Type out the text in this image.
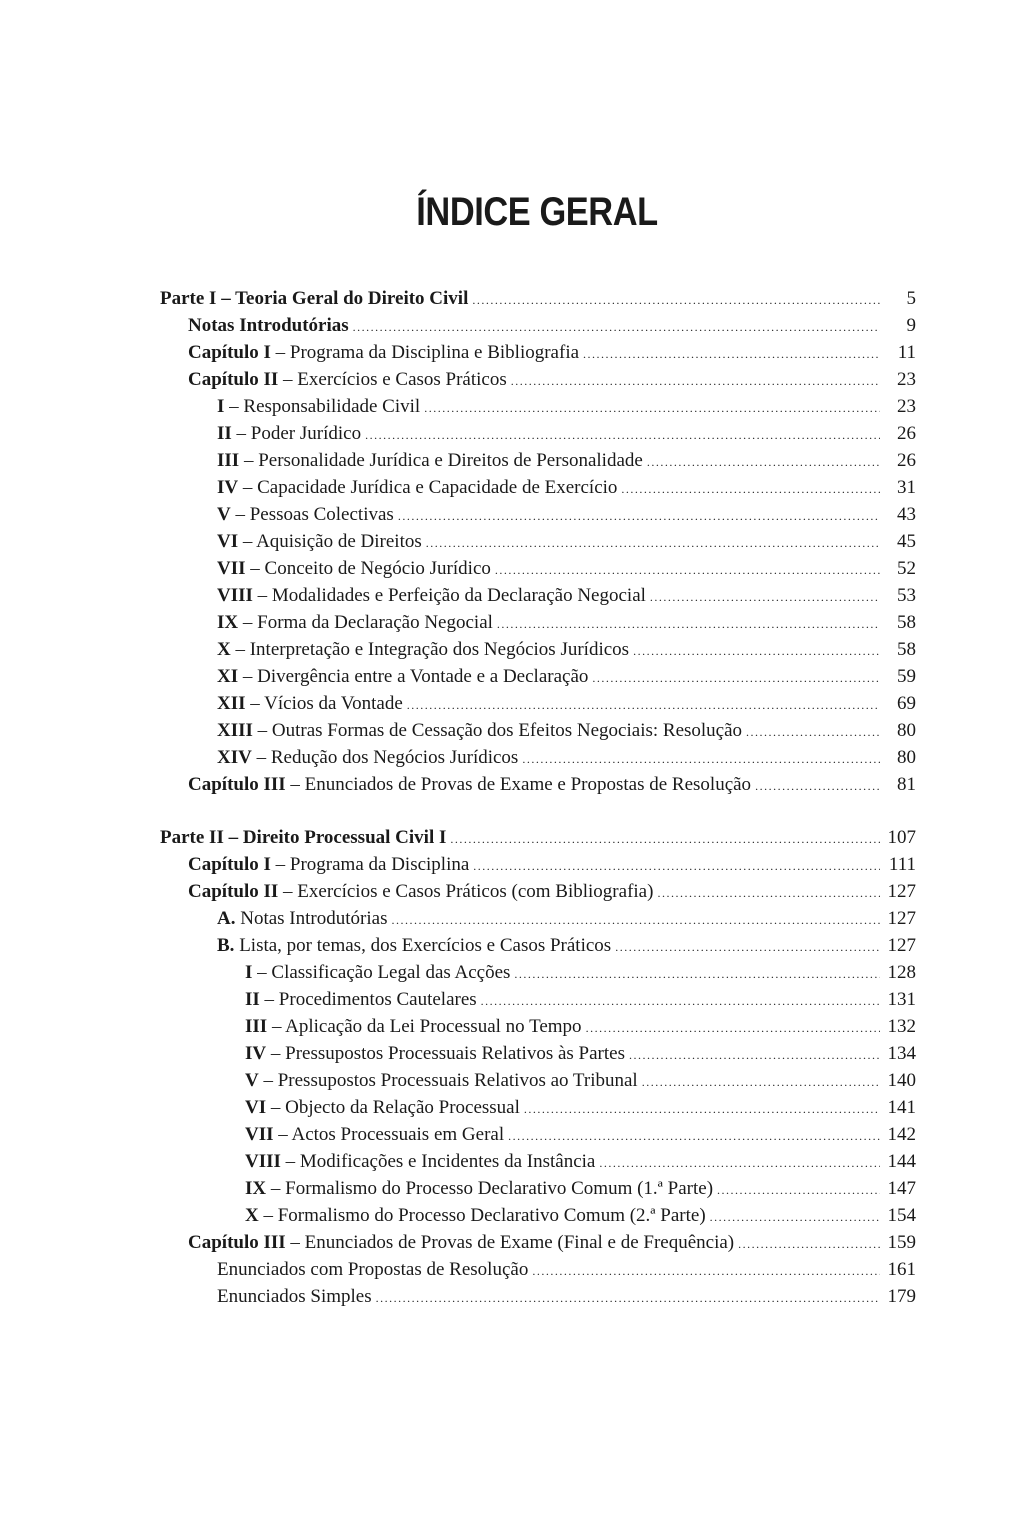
ÍNDICE GERAL
Parte I – Teoria Geral do Direito Civil .....	5
Notas Introdutórias .....	9
Capítulo I – Programa da Disciplina e Bibliografia .....	11
Capítulo II – Exercícios e Casos Práticos .....	23
I – Responsabilidade Civil .....	23
II – Poder Jurídico .....	26
III – Personalidade Jurídica e Direitos de Personalidade .....	26
IV – Capacidade Jurídica e Capacidade de Exercício .....	31
V – Pessoas Colectivas .....	43
VI – Aquisição de Direitos .....	45
VII – Conceito de Negócio Jurídico .....	52
VIII – Modalidades e Perfeição da Declaração Negocial .....	53
IX – Forma da Declaração Negocial .....	58
X – Interpretação e Integração dos Negócios Jurídicos .....	58
XI – Divergência entre a Vontade e a Declaração .....	59
XII – Vícios da Vontade .....	69
XIII – Outras Formas de Cessação dos Efeitos Negociais: Resolução .....	80
XIV – Redução dos Negócios Jurídicos .....	80
Capítulo III – Enunciados de Provas de Exame e Propostas de Resolução .....	81
Parte II – Direito Processual Civil I .....	107
Capítulo I – Programa da Disciplina .....	111
Capítulo II – Exercícios e Casos Práticos (com Bibliografia) .....	127
A. Notas Introdutórias .....	127
B. Lista, por temas, dos Exercícios e Casos Práticos .....	127
I – Classificação Legal das Acções .....	128
II – Procedimentos Cautelares .....	131
III – Aplicação da Lei Processual no Tempo .....	132
IV – Pressupostos Processuais Relativos às Partes .....	134
V – Pressupostos Processuais Relativos ao Tribunal .....	140
VI – Objecto da Relação Processual .....	141
VII – Actos Processuais em Geral .....	142
VIII – Modificações e Incidentes da Instância .....	144
IX – Formalismo do Processo Declarativo Comum (1.ª Parte) .....	147
X – Formalismo do Processo Declarativo Comum (2.ª Parte) .....	154
Capítulo III – Enunciados de Provas de Exame (Final e de Frequência) .....	159
Enunciados com Propostas de Resolução .....	161
Enunciados Simples .....	179
